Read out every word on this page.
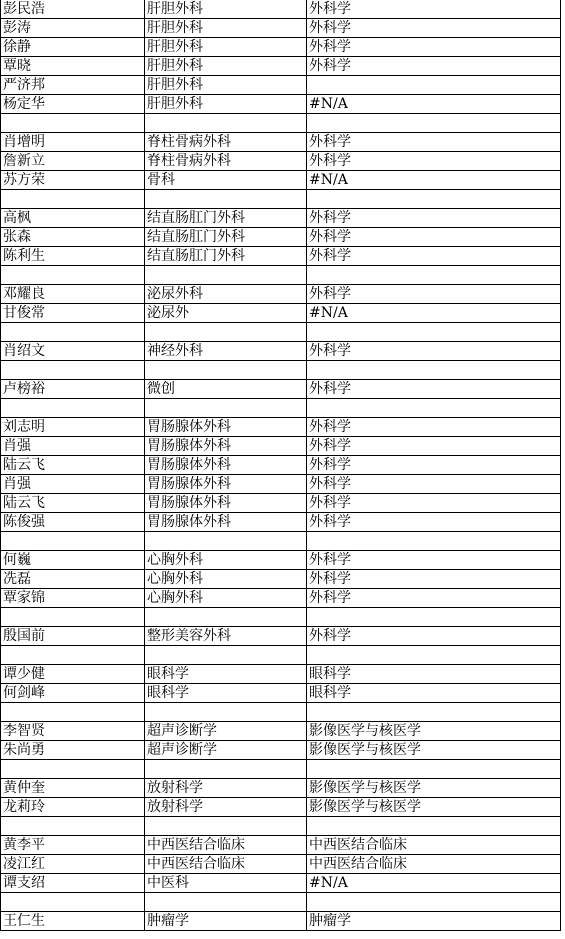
彭民浩	肝胆外科	外科学
彭涛	肝胆外科	外科学
徐静	肝胆外科	外科学
覃晓	肝胆外科	外科学
严济邦	肝胆外科	
杨定华	肝胆外科	#N/A

肖增明	脊柱骨病外科	外科学
詹新立	脊柱骨病外科	外科学
苏方荣	骨科	#N/A

高枫	结直肠肛门外科	外科学
张森	结直肠肛门外科	外科学
陈利生	结直肠肛门外科	外科学

邓耀良	泌尿外科	外科学
甘俊常	泌尿外	#N/A

肖绍文	神经外科	外科学

卢榜裕	微创	外科学

刘志明	胃肠腺体外科	外科学
肖强	胃肠腺体外科	外科学
陆云飞	胃肠腺体外科	外科学
肖强	胃肠腺体外科	外科学
陆云飞	胃肠腺体外科	外科学
陈俊强	胃肠腺体外科	外科学

何巍	心胸外科	外科学
冼磊	心胸外科	外科学
覃家锦	心胸外科	外科学

殷国前	整形美容外科	外科学

谭少健	眼科学	眼科学
何剑峰	眼科学	眼科学

李智贤	超声诊断学	影像医学与核医学
朱尚勇	超声诊断学	影像医学与核医学

黄仲奎	放射科学	影像医学与核医学
龙莉玲	放射科学	影像医学与核医学

黄李平	中西医结合临床	中西医结合临床
凌江红	中西医结合临床	中西医结合临床
谭支绍	中医科	#N/A

王仁生	肿瘤学	肿瘤学
